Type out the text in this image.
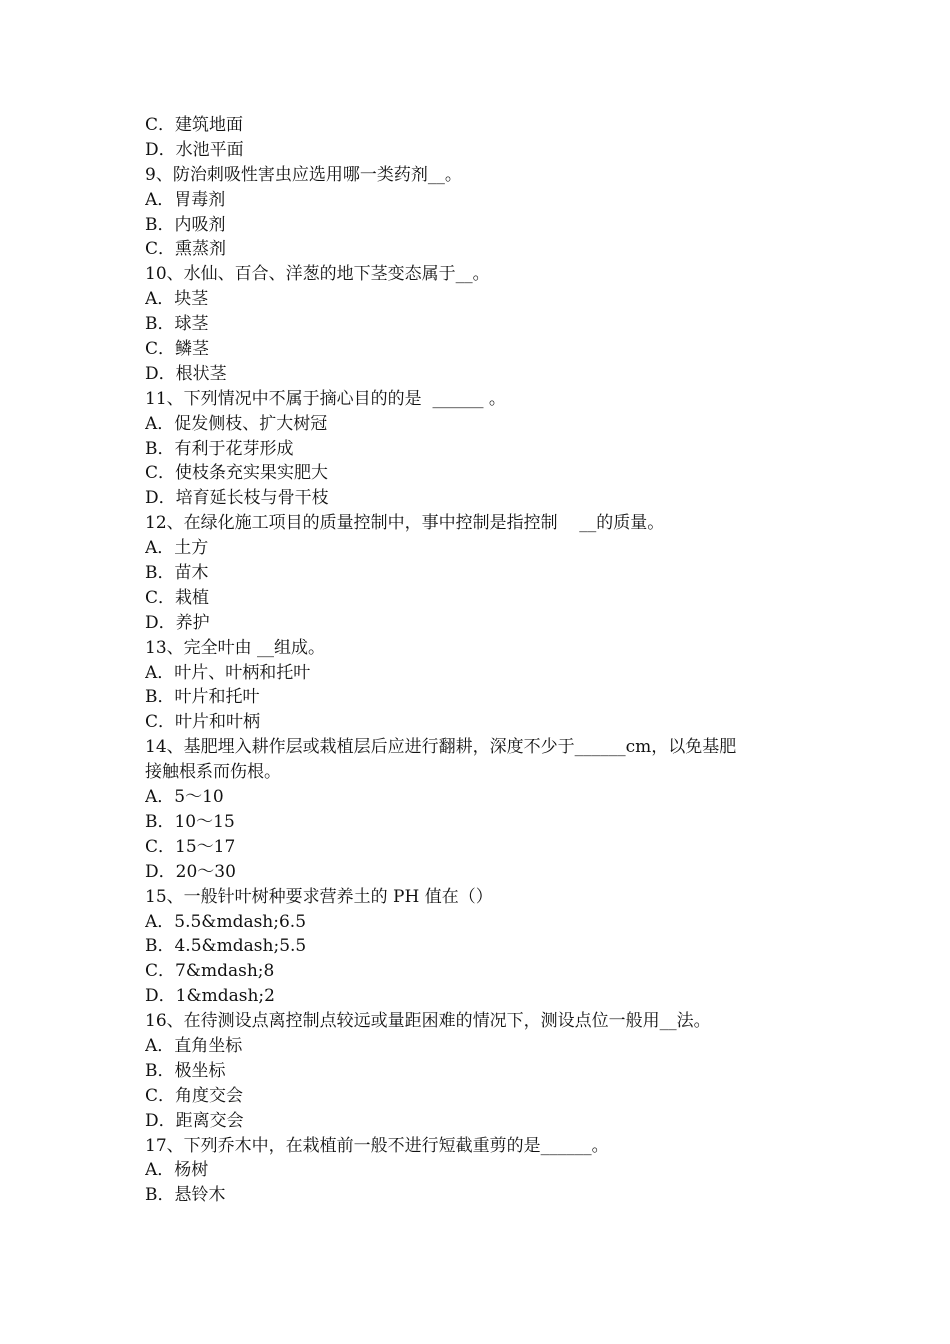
C．建筑地面
D．水池平面
9、防治刺吸性害虫应选用哪一类药剂__。
A．胃毒剂
B．内吸剂
C．熏蒸剂
10、水仙、百合、洋葱的地下茎变态属于__。
A．块茎
B．球茎
C．鳞茎
D．根状茎
11、下列情况中不属于摘心目的的是  ______ 。
A．促发侧枝、扩大树冠
B．有利于花芽形成
C．使枝条充实果实肥大
D．培育延长枝与骨干枝
12、在绿化施工项目的质量控制中，事中控制是指控制    __的质量。
A．土方
B．苗木
C．栽植
D．养护
13、完全叶由 __组成。
A．叶片、叶柄和托叶
B．叶片和托叶
C．叶片和叶柄
14、基肥埋入耕作层或栽植层后应进行翻耕，深度不少于______cm，以免基肥
接触根系而伤根。
A．5～10
B．10～15
C．15～17
D．20～30
15、一般针叶树种要求营养土的 PH 值在（）
A．5.5&mdash;6.5
B．4.5&mdash;5.5
C．7&mdash;8
D．1&mdash;2
16、在待测设点离控制点较远或量距困难的情况下，测设点位一般用__法。
A．直角坐标
B．极坐标
C．角度交会
D．距离交会
17、下列乔木中，在栽植前一般不进行短截重剪的是______。
A．杨树
B．悬铃木
